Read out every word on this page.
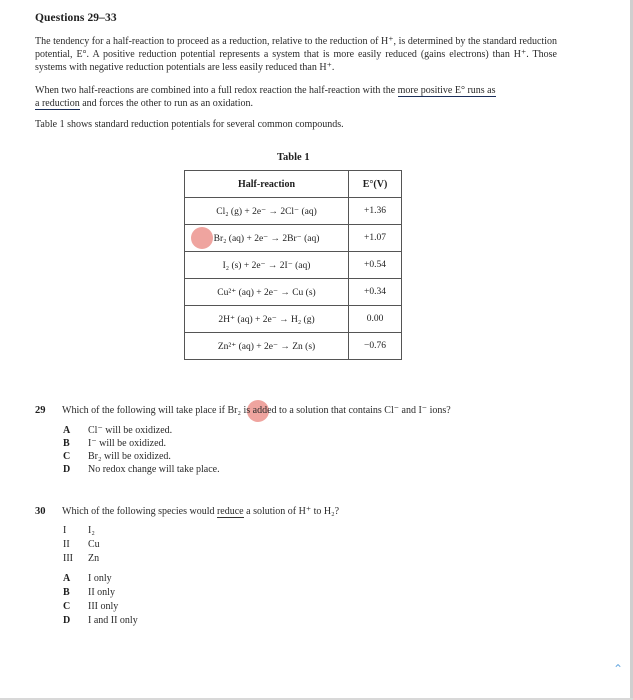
Questions 29–33
The tendency for a half-reaction to proceed as a reduction, relative to the reduction of H⁺, is determined by the standard reduction potential, E°. A positive reduction potential represents a system that is more easily reduced (gains electrons) than H⁺. Those systems with negative reduction potentials are less easily reduced than H⁺.
When two half-reactions are combined into a full redox reaction the half-reaction with the more positive E° runs as
a reduction and forces the other to run as an oxidation.
Table 1 shows standard reduction potentials for several common compounds.
Table 1
Half-reaction	E°(V)
Cl₂ (g) + 2e⁻ → 2Cl⁻ (aq)	+1.36
Br₂ (aq) + 2e⁻ → 2Br⁻ (aq)	+1.07
I₂ (s) + 2e⁻ → 2I⁻ (aq)	+0.54
Cu²⁺ (aq) + 2e⁻ → Cu (s)	+0.34
2H⁺ (aq) + 2e⁻ → H₂ (g)	0.00
Zn²⁺ (aq) + 2e⁻ → Zn (s)	−0.76
29 Which of the following will take place if Br₂ is added to a solution that contains Cl⁻ and I⁻ ions?
A Cl⁻ will be oxidized.
B I⁻ will be oxidized.
C Br₂ will be oxidized.
D No redox change will take place.
30 Which of the following species would reduce a solution of H⁺ to H₂?
I I₂
II Cu
III Zn
A I only
B II only
C III only
D I and II only
⌃
